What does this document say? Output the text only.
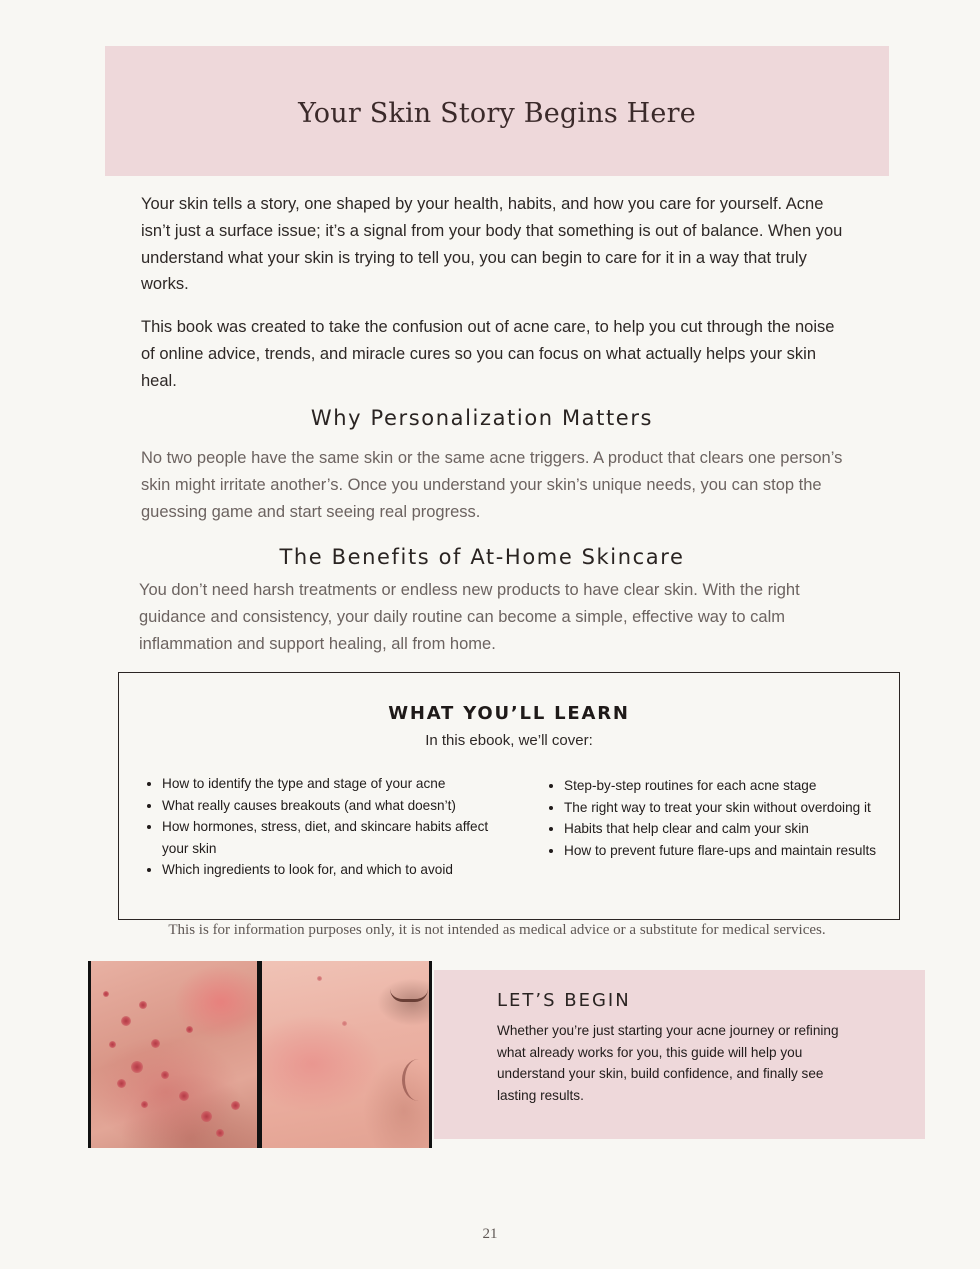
Your Skin Story Begins Here

Your skin tells a story, one shaped by your health, habits, and how you care for yourself. Acne isn’t just a surface issue; it’s a signal from your body that something is out of balance. When you understand what your skin is trying to tell you, you can begin to care for it in a way that truly works.

This book was created to take the confusion out of acne care, to help you cut through the noise of online advice, trends, and miracle cures so you can focus on what actually helps your skin heal.

Why Personalization Matters

No two people have the same skin or the same acne triggers. A product that clears one person’s skin might irritate another’s. Once you understand your skin’s unique needs, you can stop the guessing game and start seeing real progress.

The Benefits of At-Home Skincare

You don’t need harsh treatments or endless new products to have clear skin. With the right guidance and consistency, your daily routine can become a simple, effective way to calm inflammation and support healing, all from home.

WHAT YOU’LL LEARN

In this ebook, we’ll cover:

• How to identify the type and stage of your acne
• What really causes breakouts (and what doesn’t)
• How hormones, stress, diet, and skincare habits affect your skin
• Which ingredients to look for, and which to avoid
• Step-by-step routines for each acne stage
• The right way to treat your skin without overdoing it
• Habits that help clear and calm your skin
• How to prevent future flare-ups and maintain results

This is for information purposes only, it is not intended as medical advice or a substitute for medical services.

LET’S BEGIN

Whether you’re just starting your acne journey or refining what already works for you, this guide will help you understand your skin, build confidence, and finally see lasting results.

21
